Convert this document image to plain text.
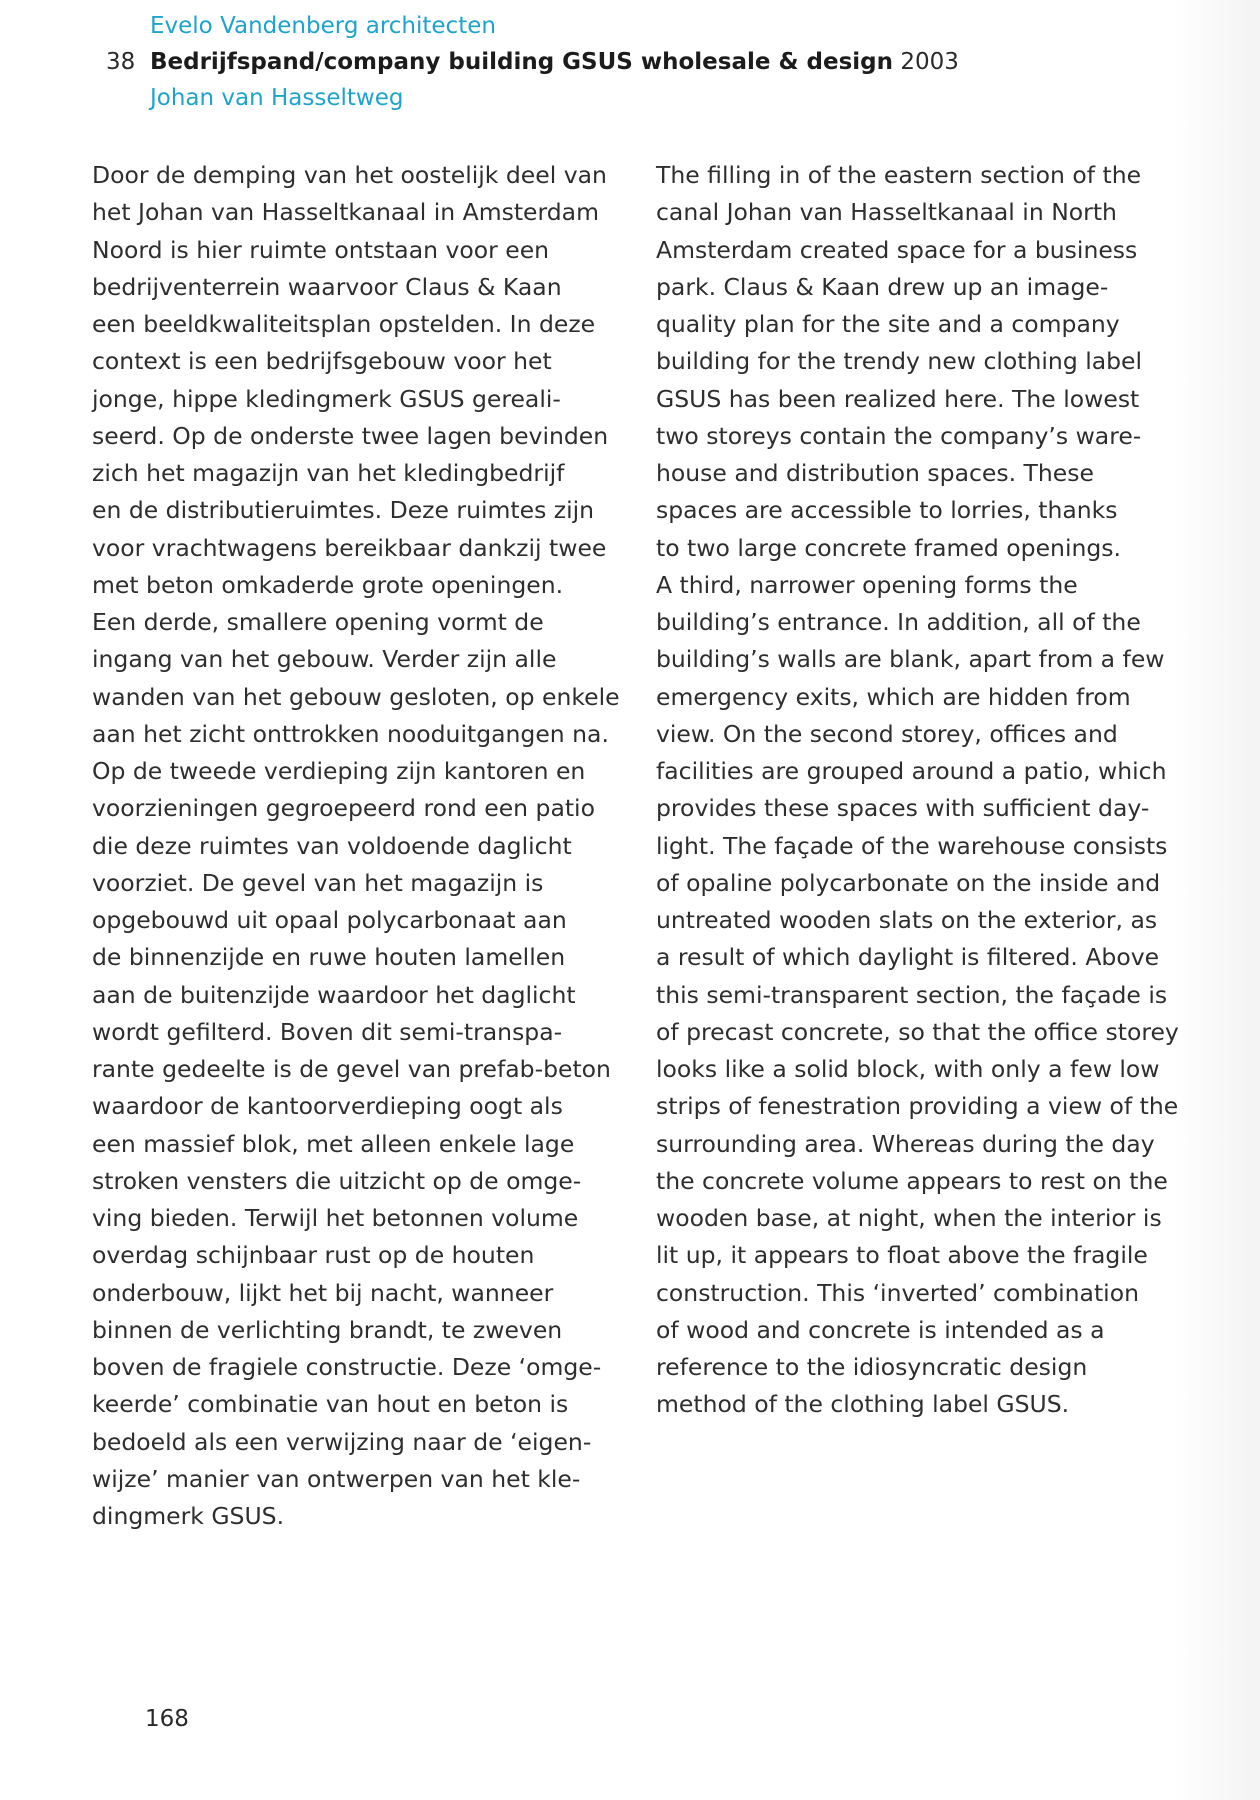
Evelo Vandenberg architecten
38 Bedrijfspand/company building GSUS wholesale & design 2003
Johan van Hasseltweg
Door de demping van het oostelijk deel van
het Johan van Hasseltkanaal in Amsterdam
Noord is hier ruimte ontstaan voor een
bedrijventerrein waarvoor Claus & Kaan
een beeldkwaliteitsplan opstelden. In deze
context is een bedrijfsgebouw voor het
jonge, hippe kledingmerk GSUS gereali-
seerd. Op de onderste twee lagen bevinden
zich het magazijn van het kledingbedrijf
en de distributieruimtes. Deze ruimtes zijn
voor vrachtwagens bereikbaar dankzij twee
met beton omkaderde grote openingen.
Een derde, smallere opening vormt de
ingang van het gebouw. Verder zijn alle
wanden van het gebouw gesloten, op enkele
aan het zicht onttrokken nooduitgangen na.
Op de tweede verdieping zijn kantoren en
voorzieningen gegroepeerd rond een patio
die deze ruimtes van voldoende daglicht
voorziet. De gevel van het magazijn is
opgebouwd uit opaal polycarbonaat aan
de binnenzijde en ruwe houten lamellen
aan de buitenzijde waardoor het daglicht
wordt gefilterd. Boven dit semi-transpa-
rante gedeelte is de gevel van prefab-beton
waardoor de kantoorverdieping oogt als
een massief blok, met alleen enkele lage
stroken vensters die uitzicht op de omge-
ving bieden. Terwijl het betonnen volume
overdag schijnbaar rust op de houten
onderbouw, lijkt het bij nacht, wanneer
binnen de verlichting brandt, te zweven
boven de fragiele constructie. Deze ‘omge-
keerde’ combinatie van hout en beton is
bedoeld als een verwijzing naar de ‘eigen-
wijze’ manier van ontwerpen van het kle-
dingmerk GSUS.
The filling in of the eastern section of the
canal Johan van Hasseltkanaal in North
Amsterdam created space for a business
park. Claus & Kaan drew up an image-
quality plan for the site and a company
building for the trendy new clothing label
GSUS has been realized here. The lowest
two storeys contain the company’s ware-
house and distribution spaces. These
spaces are accessible to lorries, thanks
to two large concrete framed openings.
A third, narrower opening forms the
building’s entrance. In addition, all of the
building’s walls are blank, apart from a few
emergency exits, which are hidden from
view. On the second storey, offices and
facilities are grouped around a patio, which
provides these spaces with sufficient day-
light. The façade of the warehouse consists
of opaline polycarbonate on the inside and
untreated wooden slats on the exterior, as
a result of which daylight is filtered. Above
this semi-transparent section, the façade is
of precast concrete, so that the office storey
looks like a solid block, with only a few low
strips of fenestration providing a view of the
surrounding area. Whereas during the day
the concrete volume appears to rest on the
wooden base, at night, when the interior is
lit up, it appears to float above the fragile
construction. This ‘inverted’ combination
of wood and concrete is intended as a
reference to the idiosyncratic design
method of the clothing label GSUS.
168
